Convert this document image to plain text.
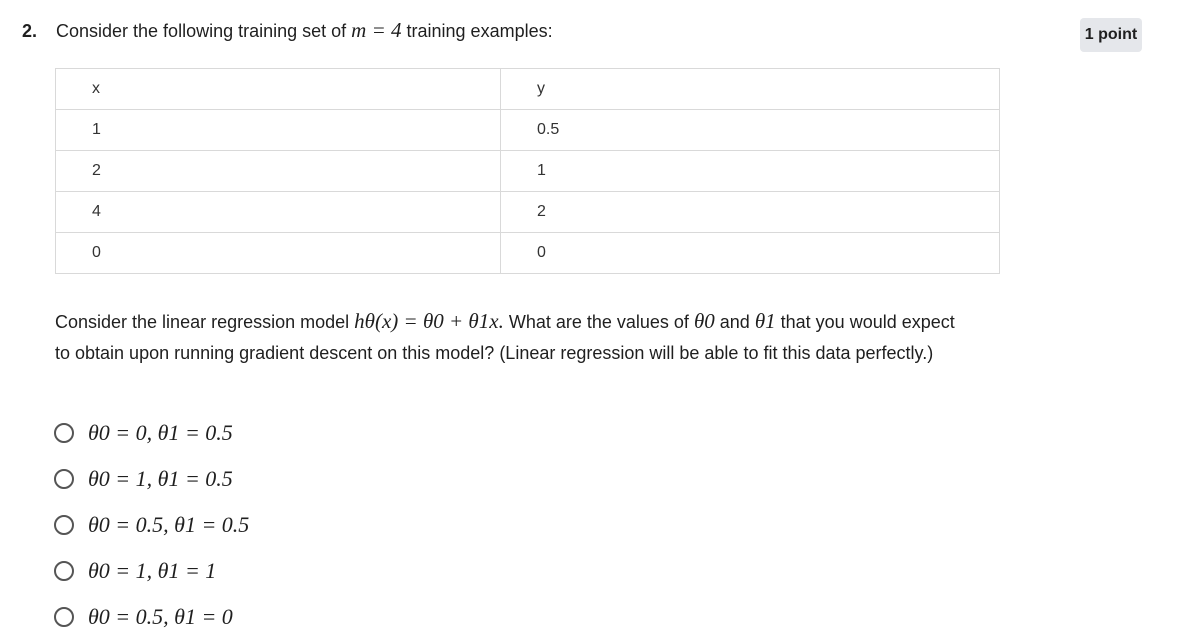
2.	Consider the following training set of m = 4 training examples:	1 point
x	y
1	0.5
2	1
4	2
0	0
Consider the linear regression model hθ(x) = θ0 + θ1x. What are the values of θ0 and θ1 that you would expect to obtain upon running gradient descent on this model? (Linear regression will be able to fit this data perfectly.)
θ0 = 0, θ1 = 0.5
θ0 = 1, θ1 = 0.5
θ0 = 0.5, θ1 = 0.5
θ0 = 1, θ1 = 1
θ0 = 0.5, θ1 = 0
